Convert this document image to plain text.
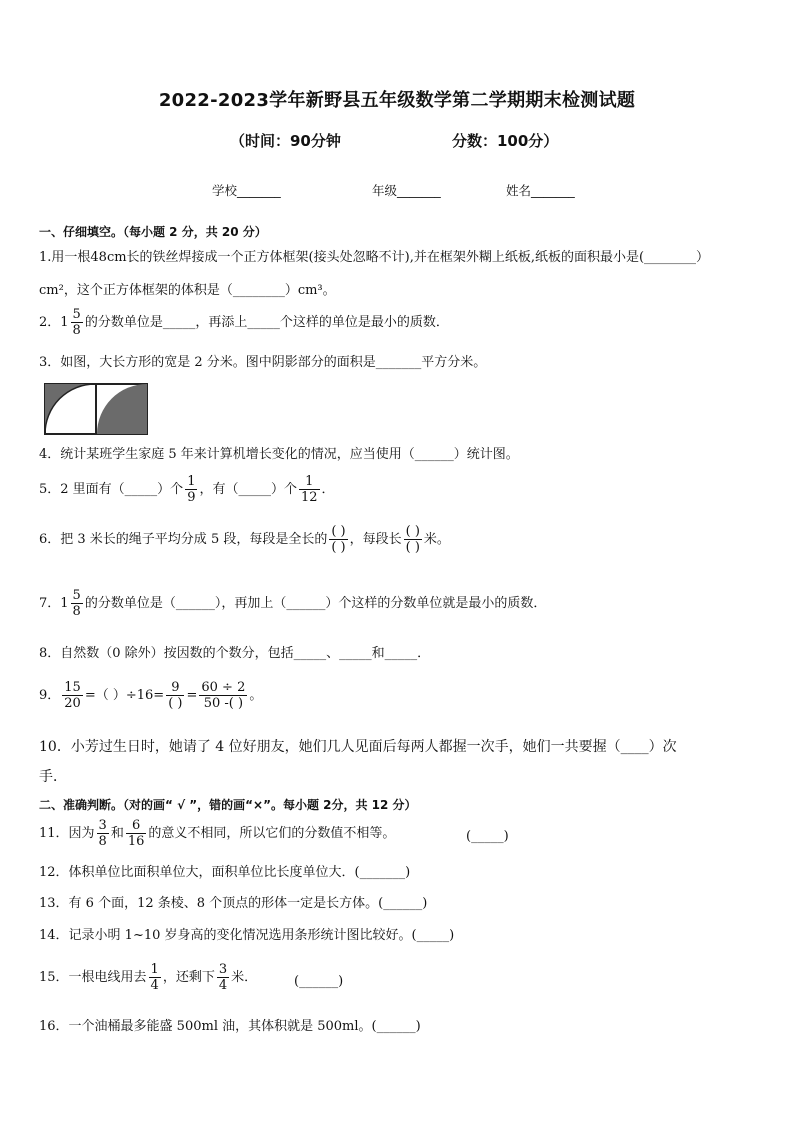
2022-2023学年新野县五年级数学第二学期期末检测试题
（时间：90分钟	分数：100分）
学校_______	年级_______	姓名_______
一、仔细填空。（每小题 2 分，共 20 分）
1.用一根48cm长的铁丝焊接成一个正方体框架(接头处忽略不计),并在框架外糊上纸板,纸板的面积最小是(________）
cm²，这个正方体框架的体积是（________）cm³。
2．$1 \frac{5}{8}$ 的分数单位是_____，再添上_____个这样的单位是最小的质数．
3．如图，大长方形的宽是 2 分米。图中阴影部分的面积是_______平方分米。
4．统计某班学生家庭 5 年来计算机增长变化的情况，应当使用（______）统计图。
5．2 里面有（_____）个 $\frac{1}{9}$ ，有（_____）个 $\frac{1}{12}$ ．
6．把 3 米长的绳子平均分成 5 段，每段是全长的 $\frac{( )}{( )}$ ，每段长 $\frac{( )}{( )}$ 米。
7．$1 \frac{5}{8}$ 的分数单位是（______），再加上（______）个这样的分数单位就是最小的质数．
8．自然数（0 除外）按因数的个数分，包括_____、_____和_____．
9． $\frac{15}{20}$ =（ ）$\div 16= \frac{9}{( )} = \frac{60 \div 2}{50 -( )}$ 。
10．小芳过生日时，她请了 4 位好朋友，她们几人见面后每两人都握一次手，她们一共要握（____）次
手．
二、准确判断。（对的画“ √ ”，错的画“×”。每小题 2分，共 12 分）
11．因为 $\frac{3}{8}$ 和 $\frac{6}{16}$ 的意义不相同，所以它们的分数值不相等。	(_____)
12．体积单位比面积单位大，面积单位比长度单位大．(_______)
13．有 6 个面，12 条棱、8 个顶点的形体一定是长方体。(______)
14．记录小明 1~10 岁身高的变化情况选用条形统计图比较好。(_____)
15．一根电线用去 $\frac{1}{4}$ ，还剩下 $\frac{3}{4}$ 米．	(______)
16．一个油桶最多能盛 500ml 油，其体积就是 500ml。(______)
